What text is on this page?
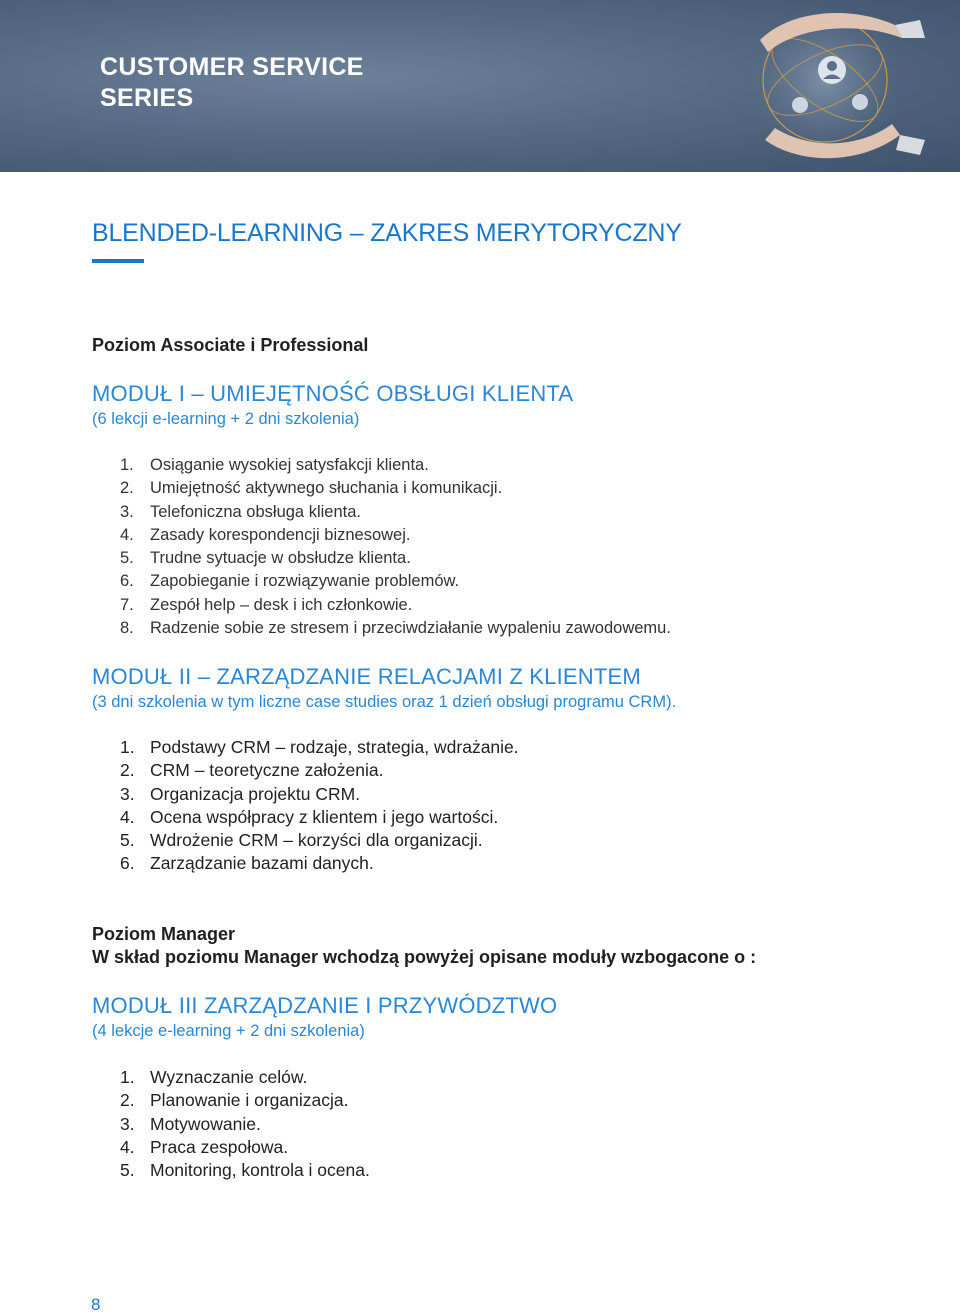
CUSTOMER SERVICE
SERIES
BLENDED-LEARNING – ZAKRES MERYTORYCZNY
Poziom Associate i Professional
MODUŁ I – UMIEJĘTNOŚĆ OBSŁUGI KLIENTA

(6 lekcji e-learning + 2 dni szkolenia)

1. Osiąganie wysokiej satysfakcji klienta.
2. Umiejętność aktywnego słuchania i komunikacji.
3. Telefoniczna obsługa klienta.
4. Zasady korespondencji biznesowej.
5. Trudne sytuacje w obsłudze klienta.
6. Zapobieganie i rozwiązywanie problemów.
7. Zespół help – desk i ich członkowie.
8. Radzenie sobie ze stresem i przeciwdziałanie wypaleniu zawodowemu.
MODUŁ II – ZARZĄDZANIE RELACJAMI Z KLIENTEM

(3 dni szkolenia w tym liczne case studies oraz 1 dzień obsługi programu CRM).

1. Podstawy CRM – rodzaje, strategia, wdrażanie.
2. CRM – teoretyczne założenia.
3. Organizacja projektu CRM.
4. Ocena współpracy z klientem i jego wartości.
5. Wdrożenie CRM – korzyści dla organizacji.
6. Zarządzanie bazami danych.
Poziom Manager

W skład poziomu Manager wchodzą powyżej opisane moduły wzbogacone o :

MODUŁ III ZARZĄDZANIE I PRZYWÓDZTWO

(4 lekcje e-learning + 2 dni szkolenia)

1. Wyznaczanie celów.
2. Planowanie i organizacja.
3. Motywowanie.
4. Praca zespołowa.
5. Monitoring, kontrola i ocena.
8
